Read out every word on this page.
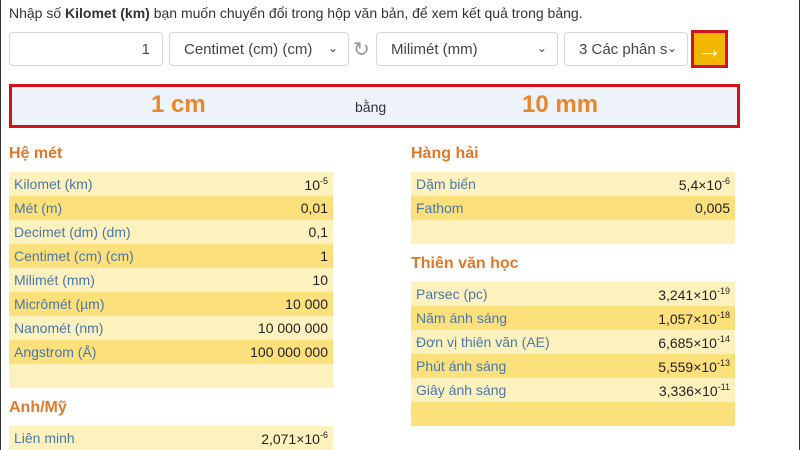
Nhập số Kilomet (km) bạn muốn chuyển đổi trong hộp văn bản, để xem kết quả trong bảng.
1	Centimet (cm) (cm) ⌄ ↻ Milimét (mm)	⌄ 3 Các phân s ⌄ →
1 cm	bằng	10 mm
Hệ mét
Kilomet (km)	$10^{-5}$
Mét (m)	0,01
Decimet (dm) (dm)	0,1
Centimet (cm) (cm)	1
Milimét (mm)	10
Micrômét (µm)	10 000
Nanomét (nm)	10 000 000
Angstrom (Å)	100 000 000
Anh/Mỹ
Liên minh	$2,071\times 10^{-6}$
Hàng hải
Dặm biển	$5,4\times 10^{-6}$
Fathom	0,005
Thiên văn học
Parsec (pc)	$3,241\times 10^{-19}$
Năm ánh sáng	$1,057\times 10^{-18}$
Đơn vị thiên văn (AE)	$6,685\times 10^{-14}$
Phút ánh sáng	$5,559\times 10^{-13}$
Giây ánh sáng	$3,336\times 10^{-11}$
